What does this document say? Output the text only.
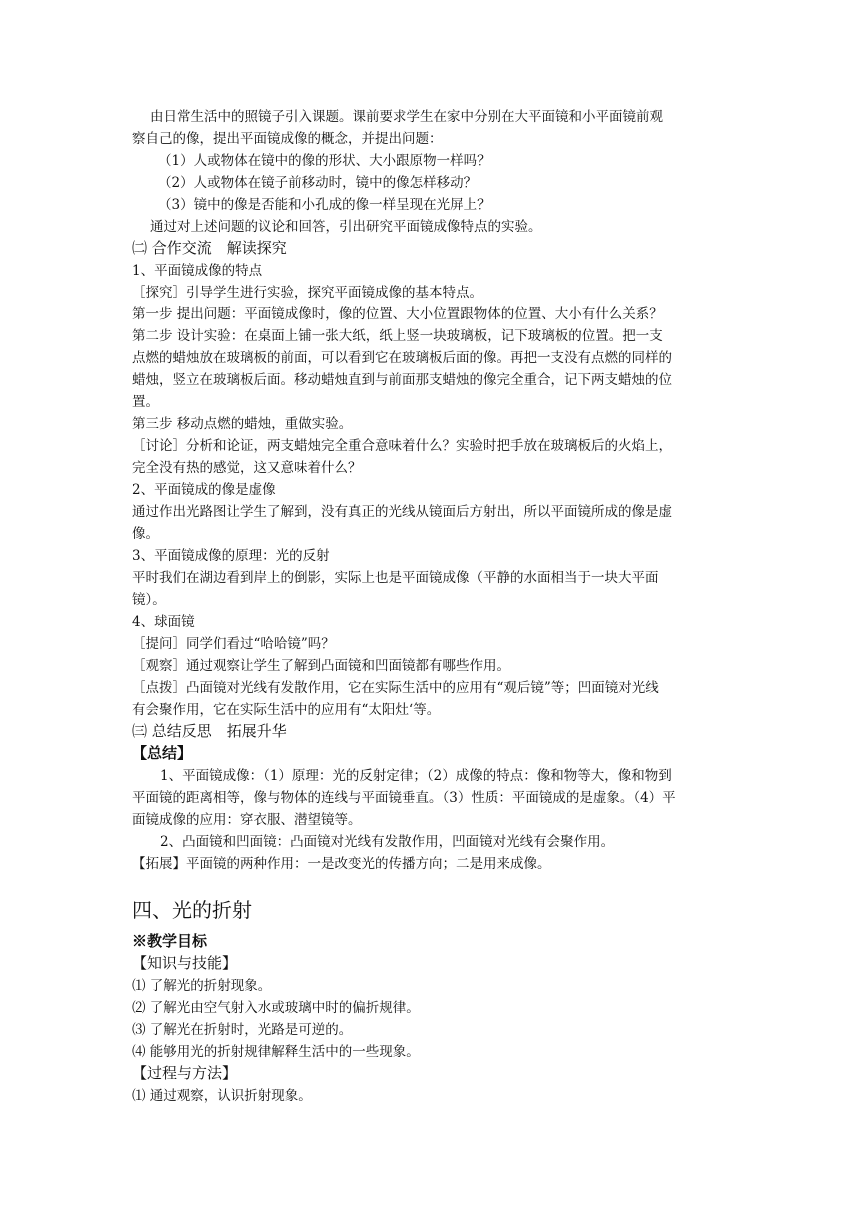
由日常生活中的照镜子引入课题。课前要求学生在家中分别在大平面镜和小平面镜前观
察自己的像，提出平面镜成像的概念，并提出问题：
（1）人或物体在镜中的像的形状、大小跟原物一样吗？
（2）人或物体在镜子前移动时，镜中的像怎样移动？
（3）镜中的像是否能和小孔成的像一样呈现在光屏上？
通过对上述问题的议论和回答，引出研究平面镜成像特点的实验。
㈡ 合作交流　解读探究
1、平面镜成像的特点
［探究］引导学生进行实验，探究平面镜成像的基本特点。
第一步 提出问题：平面镜成像时，像的位置、大小位置跟物体的位置、大小有什么关系？
第二步 设计实验：在桌面上铺一张大纸，纸上竖一块玻璃板，记下玻璃板的位置。把一支
点燃的蜡烛放在玻璃板的前面，可以看到它在玻璃板后面的像。再把一支没有点燃的同样的
蜡烛，竖立在玻璃板后面。移动蜡烛直到与前面那支蜡烛的像完全重合，记下两支蜡烛的位
置。
第三步 移动点燃的蜡烛，重做实验。
［讨论］分析和论证，两支蜡烛完全重合意味着什么？实验时把手放在玻璃板后的火焰上，
完全没有热的感觉，这又意味着什么？
2、平面镜成的像是虚像
通过作出光路图让学生了解到，没有真正的光线从镜面后方射出，所以平面镜所成的像是虚
像。
3、平面镜成像的原理：光的反射
平时我们在湖边看到岸上的倒影，实际上也是平面镜成像（平静的水面相当于一块大平面
镜）。
4、球面镜
［提问］同学们看过“哈哈镜”吗？
［观察］通过观察让学生了解到凸面镜和凹面镜都有哪些作用。
［点拨］凸面镜对光线有发散作用，它在实际生活中的应用有“观后镜”等；凹面镜对光线
有会聚作用，它在实际生活中的应用有“太阳灶‘等。
㈢ 总结反思　拓展升华
【总结】
1、平面镜成像：（1）原理：光的反射定律；（2）成像的特点：像和物等大，像和物到
平面镜的距离相等，像与物体的连线与平面镜垂直。（3）性质：平面镜成的是虚象。（4）平
面镜成像的应用：穿衣服、潜望镜等。
2、凸面镜和凹面镜：凸面镜对光线有发散作用，凹面镜对光线有会聚作用。
【拓展】平面镜的两种作用：一是改变光的传播方向；二是用来成像。
四、光的折射
※教学目标
【知识与技能】
⑴ 了解光的折射现象。
⑵ 了解光由空气射入水或玻璃中时的偏折规律。
⑶ 了解光在折射时，光路是可逆的。
⑷ 能够用光的折射规律解释生活中的一些现象。
【过程与方法】
⑴ 通过观察，认识折射现象。
